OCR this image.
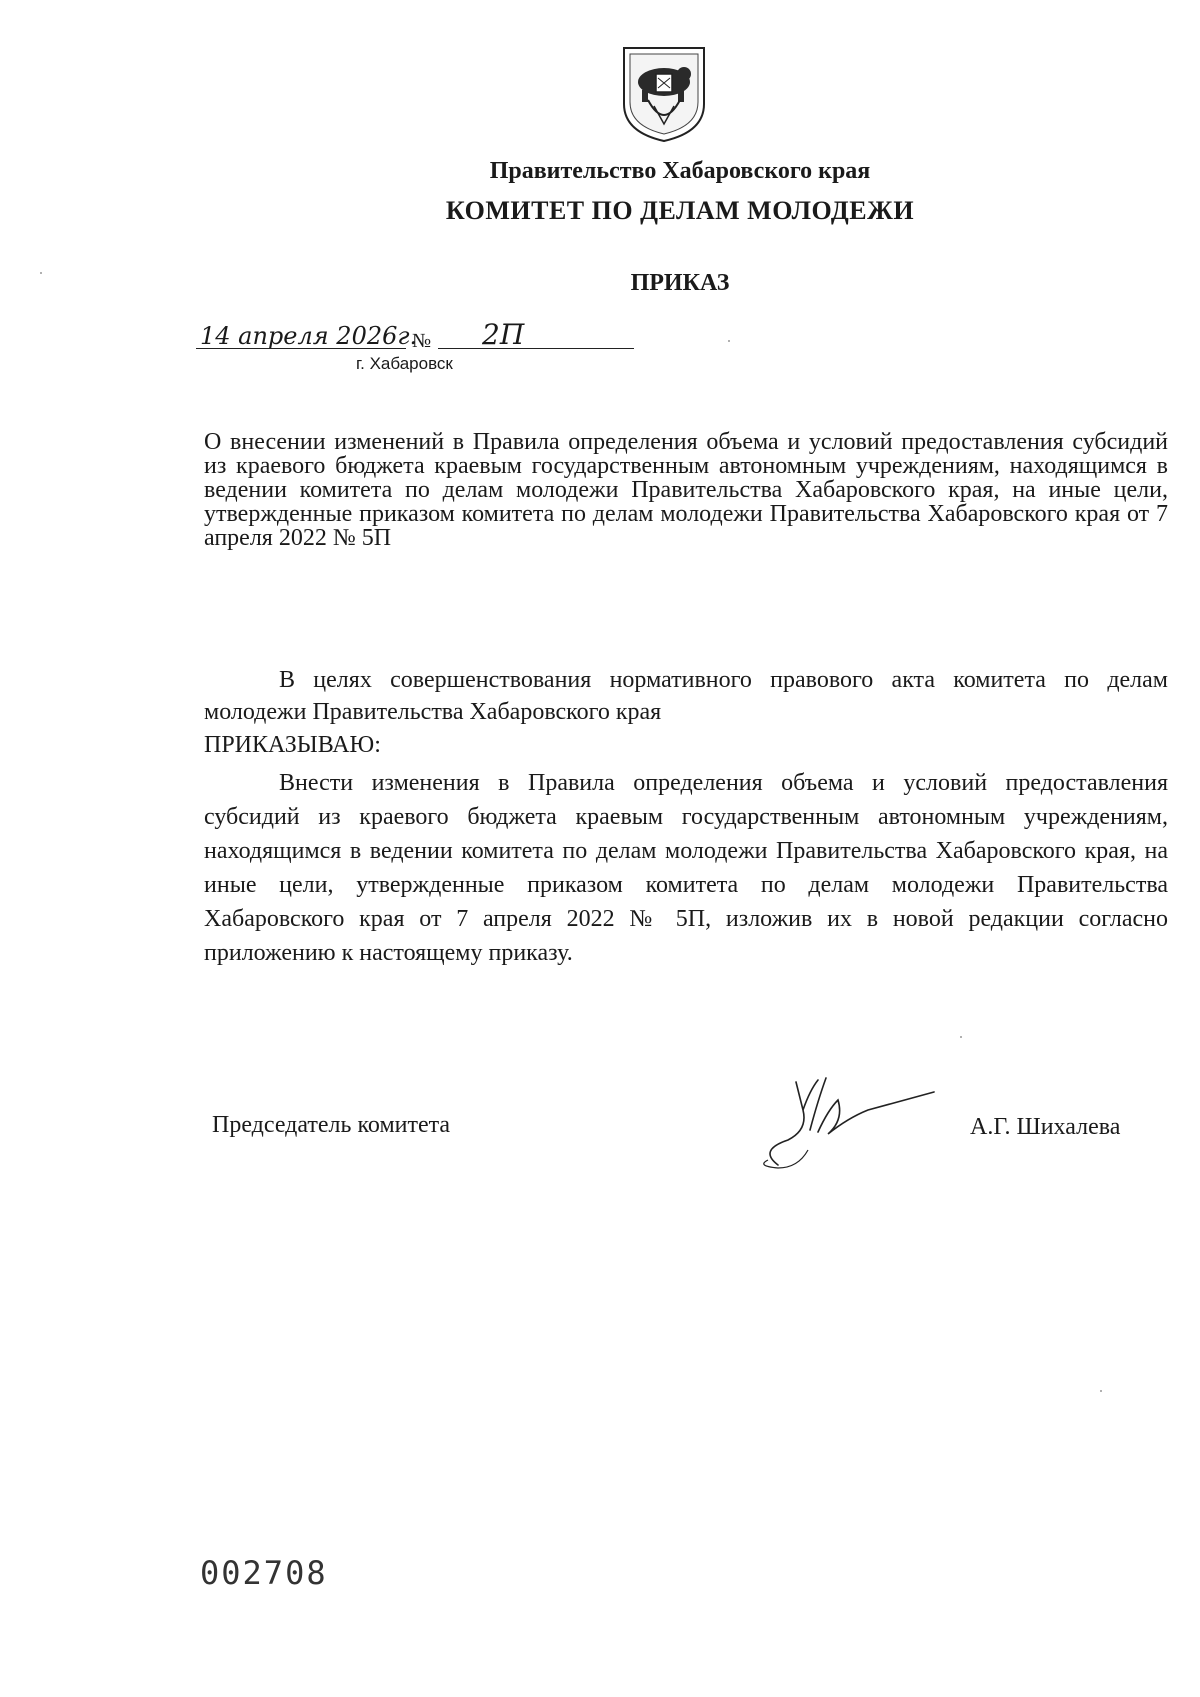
Правительство Хабаровского края
КОМИТЕТ ПО ДЕЛАМ МОЛОДЕЖИ
ПРИКАЗ
14 апреля 2026г.
№ 2П
г. Хабаровск
О внесении изменений в Правила определения объема и условий предоставления субсидий из краевого бюджета краевым государственным автономным учреждениям, находящимся в ведении комитета по делам молодежи Правительства Хабаровского края, на иные цели, утвержденные приказом комитета по делам молодежи Правительства Хабаровского края от 7 апреля 2022 № 5П
В целях совершенствования нормативного правового акта комитета по делам молодежи Правительства Хабаровского края
ПРИКАЗЫВАЮ:
Внести изменения в Правила определения объема и условий предоставления субсидий из краевого бюджета краевым государственным автономным учреждениям, находящимся в ведении комитета по делам молодежи Правительства Хабаровского края, на иные цели, утвержденные приказом комитета по делам молодежи Правительства Хабаровского края от 7 апреля 2022 № 5П, изложив их в новой редакции согласно приложению к настоящему приказу.
Председатель комитета	А.Г. Шихалева
002708
